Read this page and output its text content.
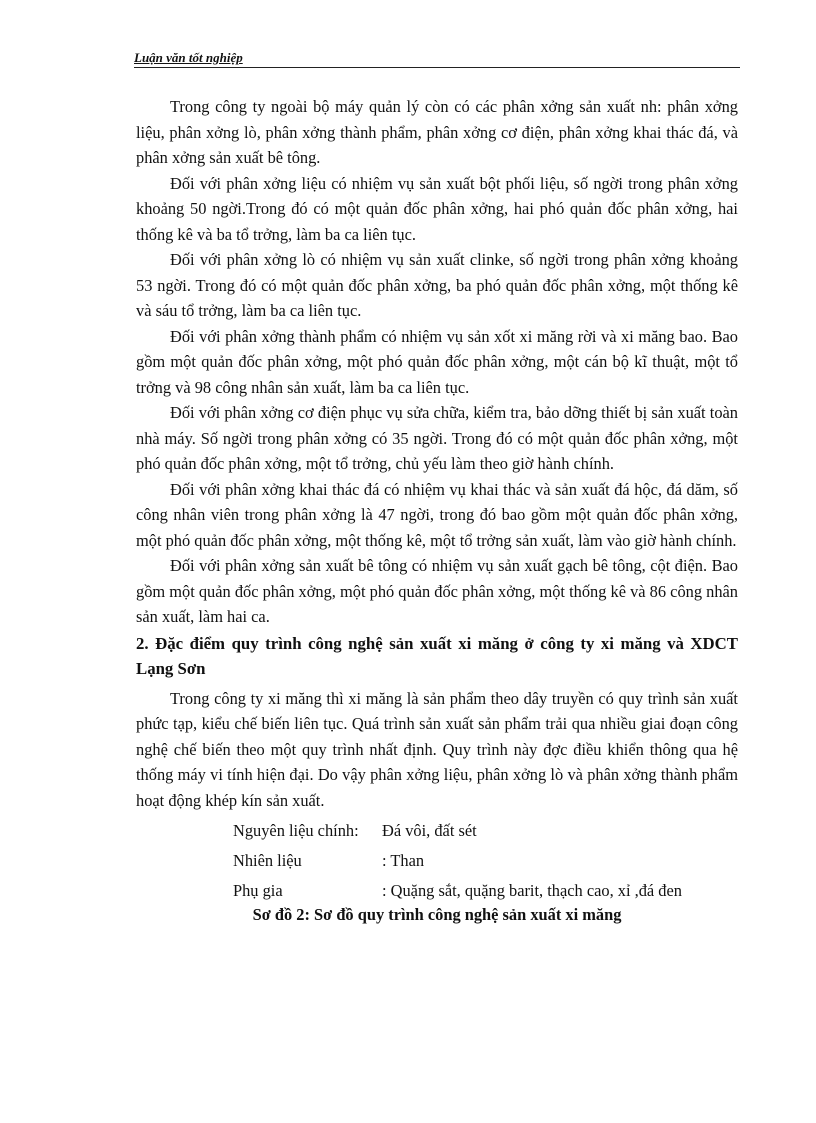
Luận văn tốt nghiệp

Trong công ty ngoài bộ máy quản lý còn có các phân xởng sản xuất nh: phân xởng liệu, phân xởng lò, phân xởng thành phẩm, phân xởng cơ điện, phân xởng khai thác đá, và phân xởng sản xuất bê tông.

Đối với phân xởng liệu có nhiệm vụ sản xuất bột phối liệu, số ngời trong phân xởng khoảng 50 ngời.Trong đó có một quản đốc phân xởng, hai phó quản đốc phân xởng, hai thống kê và ba tổ trởng, làm ba ca liên tục.

Đối với phân xởng lò có nhiệm vụ sản xuất clinke, số ngời trong phân xởng khoảng 53 ngời. Trong đó có một quản đốc phân xởng, ba phó quản đốc phân xởng, một thống kê và sáu tổ trởng, làm ba ca liên tục.

Đối với phân xởng thành phẩm có nhiệm vụ sản xốt xi măng rời và xi măng bao. Bao gồm một quản đốc phân xởng, một phó quản đốc phân xởng, một cán bộ kĩ thuật, một tổ trởng và 98 công nhân sản xuất, làm ba ca liên tục.

Đối với phân xởng cơ điện phục vụ sửa chữa, kiểm tra, bảo dỡng thiết bị sản xuất toàn nhà máy. Số ngời trong phân xởng có 35 ngời. Trong đó có một quản đốc phân xởng, một phó quản đốc phân xởng, một tổ trởng, chủ yếu làm theo giờ hành chính.

Đối với phân xởng khai thác đá có nhiệm vụ khai thác và sản xuất đá hộc, đá dăm, số công nhân viên trong phân xởng là 47 ngời, trong đó bao gồm một quản đốc phân xởng, một phó quản đốc phân xởng, một thống kê, một tổ trởng sản xuất, làm vào giờ hành chính.

Đối với phân xởng sản xuất bê tông có nhiệm vụ sản xuất gạch bê tông, cột điện. Bao gồm một quản đốc phân xởng, một phó quản đốc phân xởng, một thống kê và 86 công nhân sản xuất, làm hai ca.

2. Đặc điểm quy trình công nghệ sản xuất xi măng ở công ty xi măng và XDCT Lạng Sơn

Trong công ty xi măng thì xi măng là sản phẩm theo dây truyền có quy trình sản xuất phức tạp, kiểu chế biến liên tục. Quá trình sản xuất sản phẩm trải qua nhiều giai đoạn công nghệ chế biến theo một quy trình nhất định. Quy trình này đợc điều khiển thông qua hệ thống máy vi tính hiện đại. Do vậy phân xởng liệu, phân xởng lò và phân xởng thành phẩm hoạt động khép kín sản xuất.

Nguyên liệu chính:	Đá vôi, đất sét
Nhiên liệu	: Than
Phụ gia	: Quặng sắt, quặng barit, thạch cao, xỉ ,đá đen
Sơ đồ 2: Sơ đồ quy trình công nghệ sản xuất xi măng
